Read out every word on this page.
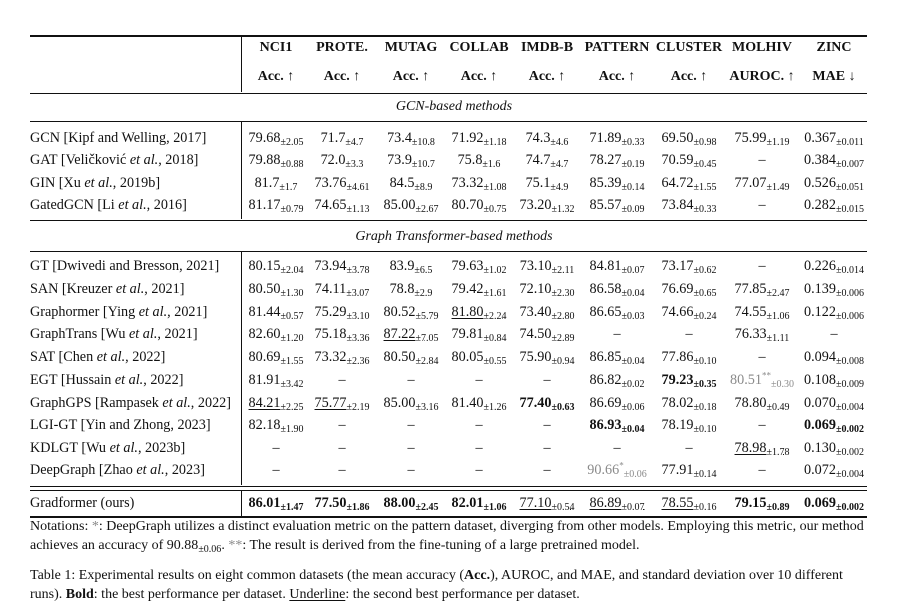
GCN-based methods
Graph Transformer-based methods
NCI1	PROTE.	MUTAG COLLAB IMDB-B PATTERN CLUSTER MOLHIV	ZINC
Acc. ↑	Acc. ↑	Acc. ↑	Acc. ↑	Acc. ↑	Acc. ↑	Acc. ↑	AUROC. ↑	MAE ↓
GCN [Kipf and Welling, 2017]	$79.68_{\pm 2.05}$	$71.7_{\pm 4.7}$	$73.4_{\pm 10.8}$	$71.92_{\pm 1.18}$	$74.3_{\pm 4.6}$	$71.89_{\pm 0.33}$	$69.50_{\pm 0.98}$	$75.99_{\pm 1.19}$	$0.367_{\pm 0.011}$
GAT [Veličković et al., 2018]	$79.88_{\pm 0.88}$	$72.0_{\pm 3.3}$	$73.9_{\pm 10.7}$	$75.8_{\pm 1.6}$	$74.7_{\pm 4.7}$	$78.27_{\pm 0.19}$	$70.59_{\pm 0.45}$	–	$0.384_{\pm 0.007}$
GIN [Xu et al., 2019b]	$81.7_{\pm 1.7}$	$73.76_{\pm 4.61}$	$84.5_{\pm 8.9}$	$73.32_{\pm 1.08}$	$75.1_{\pm 4.9}$	$85.39_{\pm 0.14}$	$64.72_{\pm 1.55}$	$77.07_{\pm 1.49}$	$0.526_{\pm 0.051}$
GatedGCN [Li et al., 2016]	$81.17_{\pm 0.79}$ $74.65_{\pm 1.13}$ $85.00_{\pm 2.67}$ $80.70_{\pm 0.75}$ $73.20_{\pm 1.32}$	$85.57_{\pm 0.09}$	$73.84_{\pm 0.33}$	–	$0.282_{\pm 0.015}$
GT [Dwivedi and Bresson, 2021]	$80.15_{\pm 2.04}$ $73.94_{\pm 3.78}$	$83.9_{\pm 6.5}$	$79.63_{\pm 1.02}$ $73.10_{\pm 2.11}$	$84.81_{\pm 0.07}$	$73.17_{\pm 0.62}$	–	$0.226_{\pm 0.014}$
SAN [Kreuzer et al., 2021]	$80.50_{\pm 1.30}$ $74.11_{\pm 3.07}$	$78.8_{\pm 2.9}$	$79.42_{\pm 1.61}$ $72.10_{\pm 2.30}$	$86.58_{\pm 0.04}$	$76.69_{\pm 0.65}$	$77.85_{\pm 2.47}$	$0.139_{\pm 0.006}$
Graphormer [Ying et al., 2021]	$81.44_{\pm 0.57}$ $75.29_{\pm 3.10}$ $80.52_{\pm 5.79}$ $81.80_{\pm 2.24}$ $73.40_{\pm 2.80}$	$86.65_{\pm 0.03}$	$74.66_{\pm 0.24}$	$74.55_{\pm 1.06}$	$0.122_{\pm 0.006}$
GraphTrans [Wu et al., 2021]	$82.60_{\pm 1.20}$ $75.18_{\pm 3.36}$ $87.22_{\pm 7.05}$ $79.81_{\pm 0.84}$ $74.50_{\pm 2.89}$	–	–	$76.33_{\pm 1.11}$	–
SAT [Chen et al., 2022]	$80.69_{\pm 1.55}$ $73.32_{\pm 2.36}$ $80.50_{\pm 2.84}$ $80.05_{\pm 0.55}$ $75.90_{\pm 0.94}$	$86.85_{\pm 0.04}$	$77.86_{\pm 0.10}$	–	$0.094_{\pm 0.008}$
EGT [Hussain et al., 2022]	$81.91_{\pm 3.42}$	–	–	–	–	$86.82_{\pm 0.02}$	$79.23_{\pm 0.35}$ $80.51^{**}_{\pm 0.30}$ $0.108_{\pm 0.009}$
GraphGPS [Rampasek et al., 2022]	$84.21_{\pm 2.25}$ $75.77_{\pm 2.19}$ $85.00_{\pm 3.16}$ $81.40_{\pm 1.26}$ $77.40_{\pm 0.63}$	$86.69_{\pm 0.06}$	$78.02_{\pm 0.18}$	$78.80_{\pm 0.49}$	$0.070_{\pm 0.004}$
LGI-GT [Yin and Zhong, 2023]	$82.18_{\pm 1.90}$	–	–	–	–	$86.93_{\pm 0.04}$	$78.19_{\pm 0.10}$	–	$0.069_{\pm 0.002}$
KDLGT [Wu et al., 2023b]	–	–	–	–	–	–	–	$78.98_{\pm 1.78}$	$0.130_{\pm 0.002}$
DeepGraph [Zhao et al., 2023]	–	–	–	–	–	$90.66^*_{\pm 0.06}$	$77.91_{\pm 0.14}$	–	$0.072_{\pm 0.004}$
Gradformer (ours)	$86.01_{\pm 1.47}$ $77.50_{\pm 1.86}$ $88.00_{\pm 2.45}$ $82.01_{\pm 1.06}$ $77.10_{\pm 0.54}$	$86.89_{\pm 0.07}$	$78.55_{\pm 0.16}$	$79.15_{\pm 0.89}$	$0.069_{\pm 0.002}$
Notations: *: DeepGraph utilizes a distinct evaluation metric on the pattern dataset, diverging from other models. Employing this metric, our method achieves an accuracy of $90.88_{\pm 0.06}$. **: The result is derived from the fine-tuning of a large pretrained model.
Table 1: Experimental results on eight common datasets (the mean accuracy (Acc.), AUROC, and MAE, and standard deviation over 10 different runs). Bold: the best performance per dataset. Underline: the second best performance per dataset.
